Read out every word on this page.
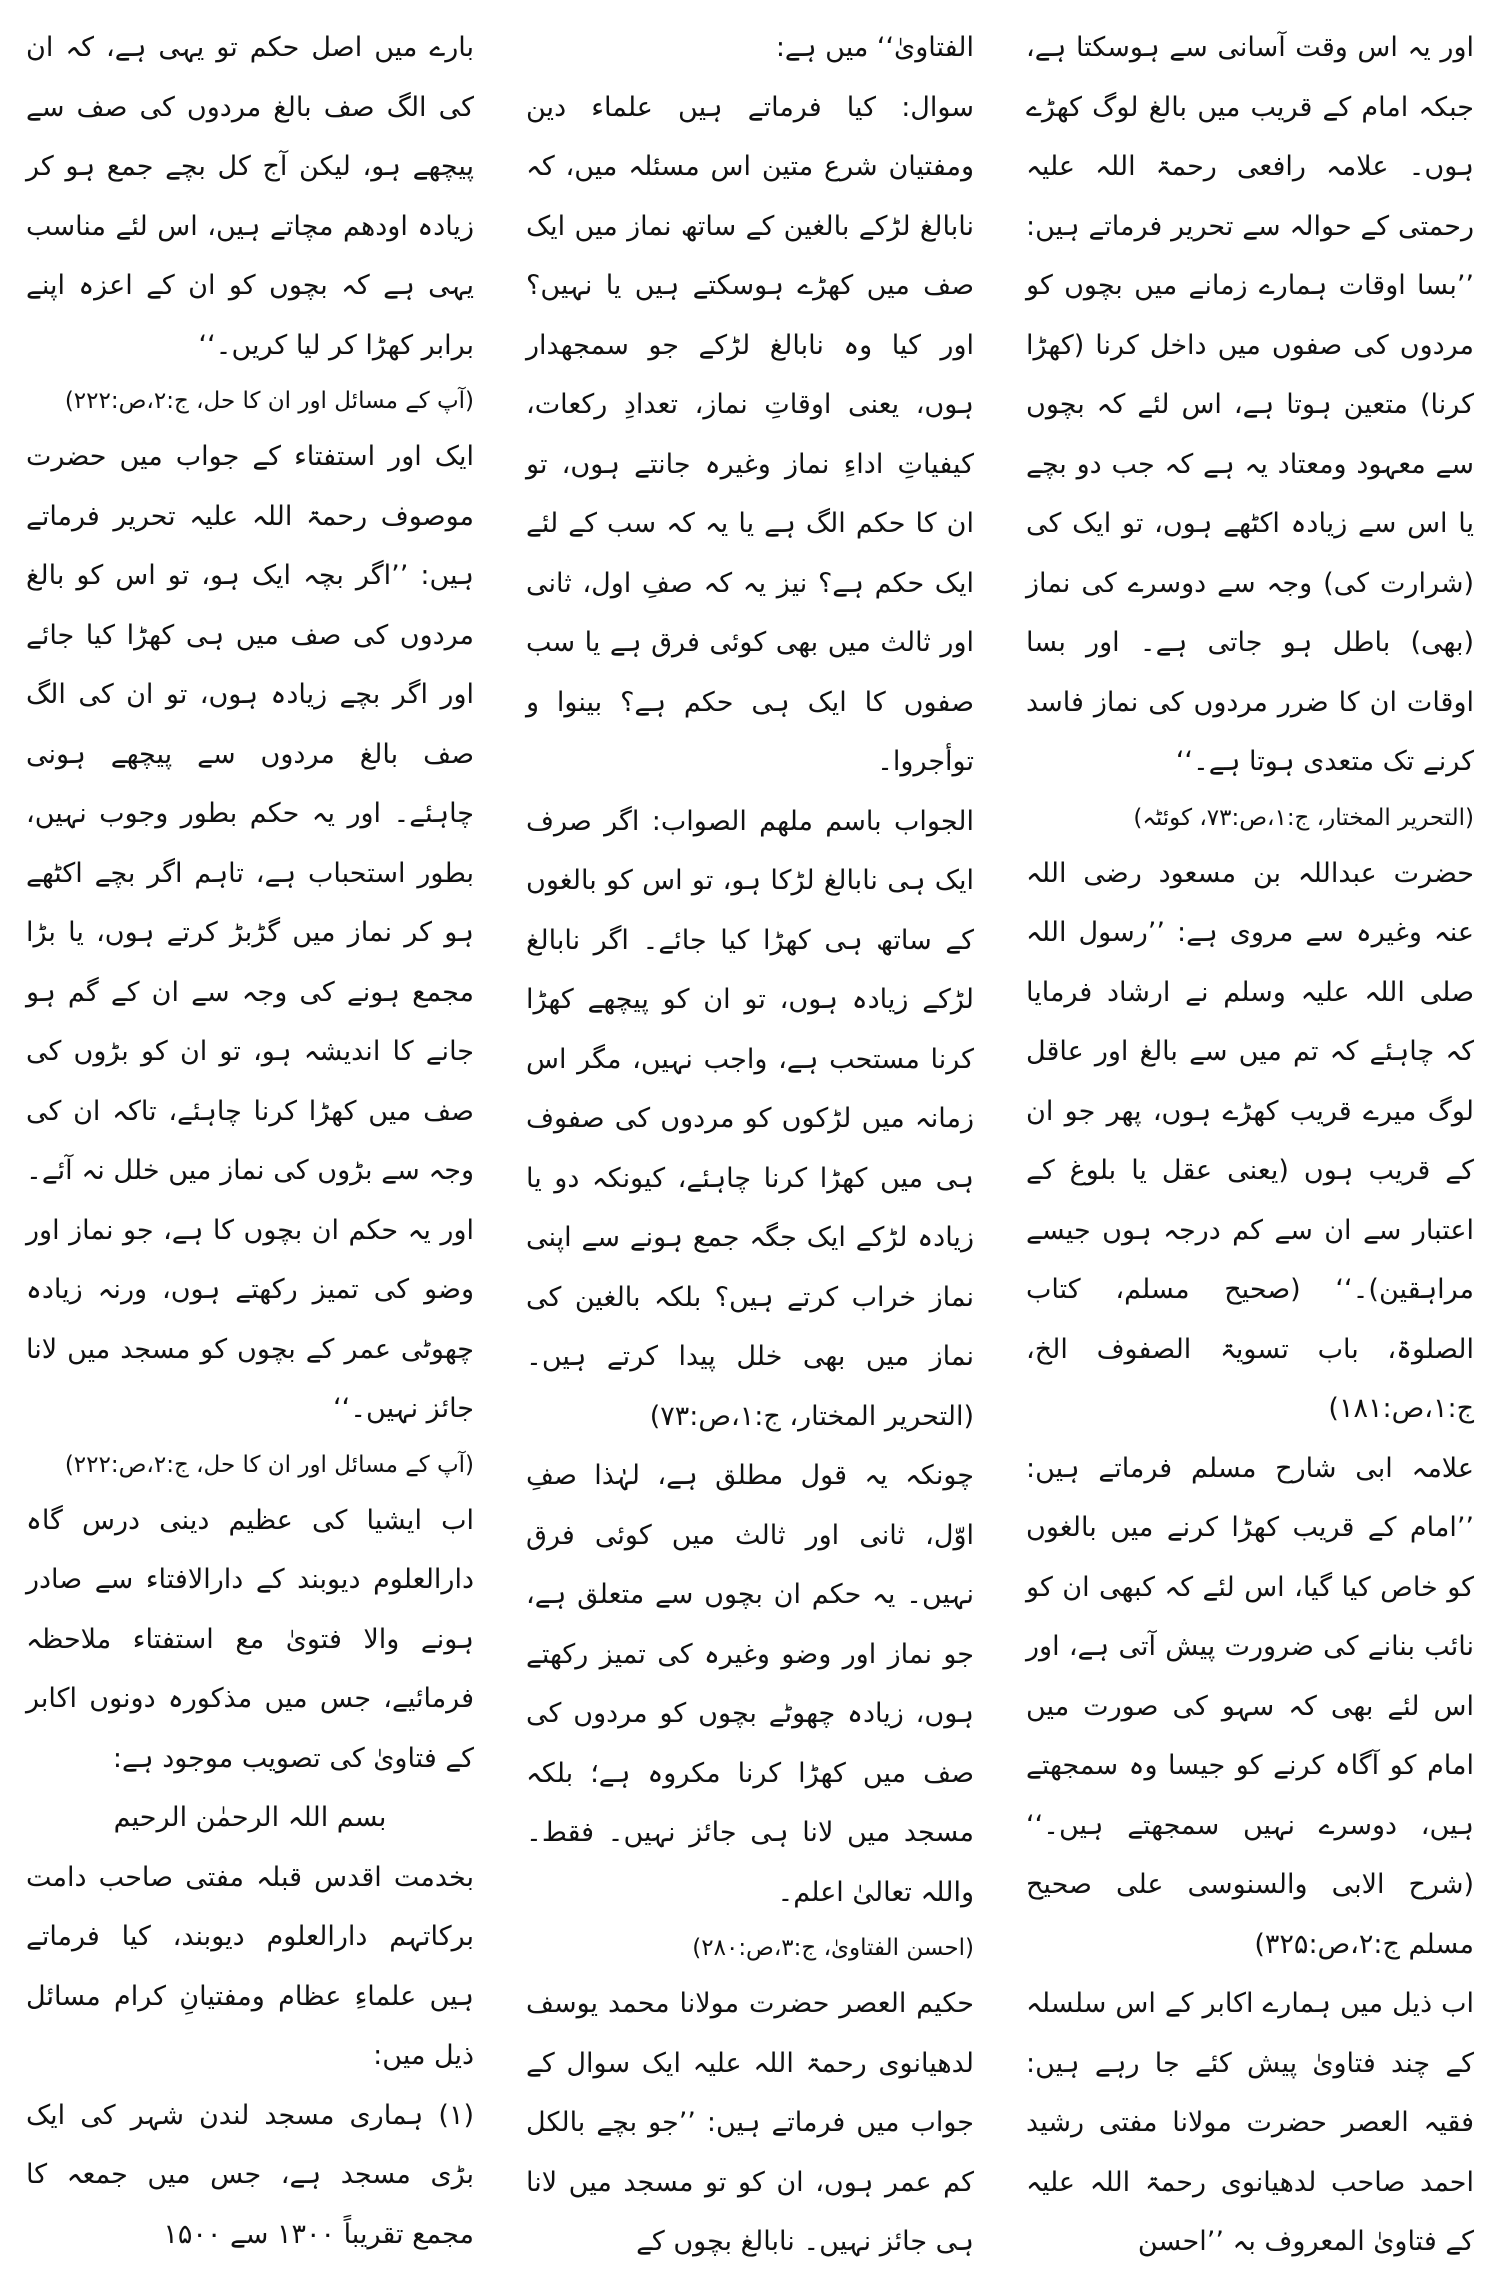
اور یہ اس وقت آسانی سے ہوسکتا ہے، جبکہ امام کے قریب میں بالغ لوگ کھڑے ہوں۔ علامہ رافعی رحمۃ اللہ علیہ رحمتی کے حوالہ سے تحریر فرماتے ہیں: ’’بسا اوقات ہمارے زمانے میں بچوں کو مردوں کی صفوں میں داخل کرنا (کھڑا کرنا) متعین ہوتا ہے، اس لئے کہ بچوں سے معہود ومعتاد یہ ہے کہ جب دو بچے یا اس سے زیادہ اکٹھے ہوں، تو ایک کی (شرارت کی) وجہ سے دوسرے کی نماز (بھی) باطل ہو جاتی ہے۔ اور بسا اوقات ان کا ضرر مردوں کی نماز فاسد کرنے تک متعدی ہوتا ہے۔‘‘

(التحریر المختار، ج:۱،ص:۷۳، کوئٹہ)

حضرت عبداللہ بن مسعود رضی اللہ عنہ وغیرہ سے مروی ہے: ’’رسول اللہ صلی اللہ علیہ وسلم نے ارشاد فرمایا کہ چاہئے کہ تم میں سے بالغ اور عاقل لوگ میرے قریب کھڑے ہوں، پھر جو ان کے قریب ہوں (یعنی عقل یا بلوغ کے اعتبار سے ان سے کم درجہ ہوں جیسے مراہقین)۔‘‘ (صحیح مسلم، کتاب الصلوۃ، باب تسویۃ الصفوف الخ، ج:۱،ص:۱۸۱)

علامہ ابی شارح مسلم فرماتے ہیں: ’’امام کے قریب کھڑا کرنے میں بالغوں کو خاص کیا گیا، اس لئے کہ کبھی ان کو نائب بنانے کی ضرورت پیش آتی ہے، اور اس لئے بھی کہ سہو کی صورت میں امام کو آگاہ کرنے کو جیسا وہ سمجھتے ہیں، دوسرے نہیں سمجھتے ہیں۔‘‘ (شرح الابی والسنوسی علی صحیح مسلم ج:۲،ص:۳۲۵)

اب ذیل میں ہمارے اکابر کے اس سلسلہ کے چند فتاویٰ پیش کئے جا رہے ہیں: فقیہ العصر حضرت مولانا مفتی رشید احمد صاحب لدھیانوی رحمۃ اللہ علیہ کے فتاویٰ المعروف بہ ’’احسن

الفتاویٰ‘‘ میں ہے:

سوال: کیا فرماتے ہیں علماء دین ومفتیان شرع متین اس مسئلہ میں، کہ نابالغ لڑکے بالغین کے ساتھ نماز میں ایک صف میں کھڑے ہوسکتے ہیں یا نہیں؟ اور کیا وہ نابالغ لڑکے جو سمجھدار ہوں، یعنی اوقاتِ نماز، تعدادِ رکعات، کیفیاتِ اداءِ نماز وغیرہ جانتے ہوں، تو ان کا حکم الگ ہے یا یہ کہ سب کے لئے ایک حکم ہے؟ نیز یہ کہ صفِ اول، ثانی اور ثالث میں بھی کوئی فرق ہے یا سب صفوں کا ایک ہی حکم ہے؟ بینوا و توأجروا۔

الجواب باسم ملھم الصواب: اگر صرف ایک ہی نابالغ لڑکا ہو، تو اس کو بالغوں کے ساتھ ہی کھڑا کیا جائے۔ اگر نابالغ لڑکے زیادہ ہوں، تو ان کو پیچھے کھڑا کرنا مستحب ہے، واجب نہیں، مگر اس زمانہ میں لڑکوں کو مردوں کی صفوف ہی میں کھڑا کرنا چاہئے، کیونکہ دو یا زیادہ لڑکے ایک جگہ جمع ہونے سے اپنی نماز خراب کرتے ہیں؟ بلکہ بالغین کی نماز میں بھی خلل پیدا کرتے ہیں۔ (التحریر المختار، ج:۱،ص:۷۳)

چونکہ یہ قول مطلق ہے، لہٰذا صفِ اوّل، ثانی اور ثالث میں کوئی فرق نہیں۔ یہ حکم ان بچوں سے متعلق ہے، جو نماز اور وضو وغیرہ کی تمیز رکھتے ہوں، زیادہ چھوٹے بچوں کو مردوں کی صف میں کھڑا کرنا مکروہ ہے؛ بلکہ مسجد میں لانا ہی جائز نہیں۔ فقط۔ واللہ تعالیٰ اعلم۔

(احسن الفتاویٰ، ج:۳،ص:۲۸۰)

حکیم العصر حضرت مولانا محمد یوسف لدھیانوی رحمۃ اللہ علیہ ایک سوال کے جواب میں فرماتے ہیں: ’’جو بچے بالکل کم عمر ہوں، ان کو تو مسجد میں لانا ہی جائز نہیں۔ نابالغ بچوں کے

بارے میں اصل حکم تو یہی ہے، کہ ان کی الگ صف بالغ مردوں کی صف سے پیچھے ہو، لیکن آج کل بچے جمع ہو کر زیادہ اودھم مچاتے ہیں، اس لئے مناسب یہی ہے کہ بچوں کو ان کے اعزہ اپنے برابر کھڑا کر لیا کریں۔‘‘

(آپ کے مسائل اور ان کا حل، ج:۲،ص:۲۲۲)

ایک اور استفتاء کے جواب میں حضرت موصوف رحمۃ اللہ علیہ تحریر فرماتے ہیں: ’’اگر بچہ ایک ہو، تو اس کو بالغ مردوں کی صف میں ہی کھڑا کیا جائے اور اگر بچے زیادہ ہوں، تو ان کی الگ صف بالغ مردوں سے پیچھے ہونی چاہئے۔ اور یہ حکم بطور وجوب نہیں، بطور استحباب ہے، تاہم اگر بچے اکٹھے ہو کر نماز میں گڑبڑ کرتے ہوں، یا بڑا مجمع ہونے کی وجہ سے ان کے گم ہو جانے کا اندیشہ ہو، تو ان کو بڑوں کی صف میں کھڑا کرنا چاہئے، تاکہ ان کی وجہ سے بڑوں کی نماز میں خلل نہ آئے۔ اور یہ حکم ان بچوں کا ہے، جو نماز اور وضو کی تمیز رکھتے ہوں، ورنہ زیادہ چھوٹی عمر کے بچوں کو مسجد میں لانا جائز نہیں۔‘‘

(آپ کے مسائل اور ان کا حل، ج:۲،ص:۲۲۲)

اب ایشیا کی عظیم دینی درس گاہ دارالعلوم دیوبند کے دارالافتاء سے صادر ہونے والا فتویٰ مع استفتاء ملاحظہ فرمائیے، جس میں مذکورہ دونوں اکابر کے فتاویٰ کی تصویب موجود ہے:

بسم اللہ الرحمٰن الرحیم

بخدمت اقدس قبلہ مفتی صاحب دامت برکاتہم دارالعلوم دیوبند، کیا فرماتے ہیں علماءِ عظام ومفتیانِ کرام مسائل ذیل میں:

(۱) ہماری مسجد لندن شہر کی ایک بڑی مسجد ہے، جس میں جمعہ کا مجمع تقریباً ۱۳۰۰ سے ۱۵۰۰
